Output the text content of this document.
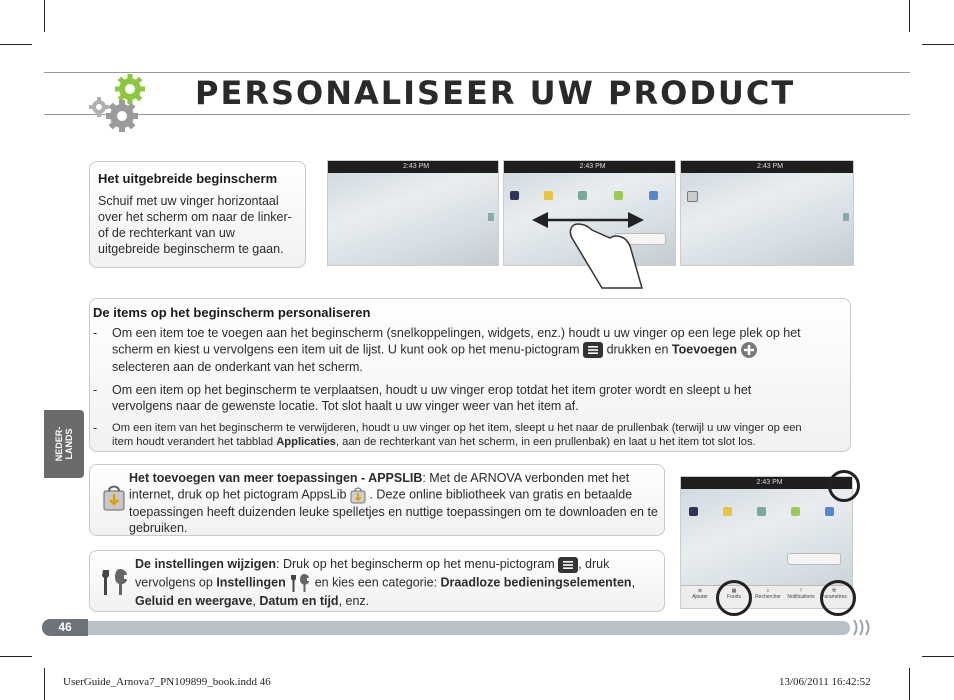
PERSONALISEER UW PRODUCT
Het uitgebreide beginscherm
Schuif met uw vinger horizontaal over het scherm om naar de linker- of de rechterkant van uw uitgebreide beginscherm te gaan.
2:43 PM	2:43 PM	2:43 PM
De items op het beginscherm personaliseren
- Om een item toe te voegen aan het beginscherm (snelkoppelingen, widgets, enz.) houdt u uw vinger op een lege plek op het scherm en kiest u vervolgens een item uit de lijst. U kunt ook op het menu-pictogram drukken en Toevoegen  selecteren aan de onderkant van het scherm.
- Om een item op het beginscherm te verplaatsen, houdt u uw vinger erop totdat het item groter wordt en sleept u het vervolgens naar de gewenste locatie. Tot slot haalt u uw vinger weer van het item af.
- Om een item van het beginscherm te verwijderen, houdt u uw vinger op het item, sleept u het naar de prullenbak (terwijl u uw vinger op een item houdt verandert het tabblad Applicaties, aan de rechterkant van het scherm, in een prullenbak) en laat u het item tot slot los.
NEDER-
LANDS
Het toevoegen van meer toepassingen - APPSLIB: Met de ARNOVA verbonden met het internet, druk op het pictogram AppsLib . Deze online bibliotheek van gratis en betaalde toepassingen heeft duizenden leuke spelletjes en nuttige toepassingen om te downloaden en te gebruiken.
De instellingen wijzigen: Druk op het beginscherm op het menu-pictogram , druk vervolgens op Instellingen en kies een categorie: Draadloze bedieningselementen, Geluid en weergave, Datum en tijd, enz.
2:43 PM
⊕
Ajouter
▦
Fonds
⌕
Rechercher
!
Notifications
⚒
Paramètres
46
UserGuide_Arnova7_PN109899_book.indd 46	13/06/2011 16:42:52
